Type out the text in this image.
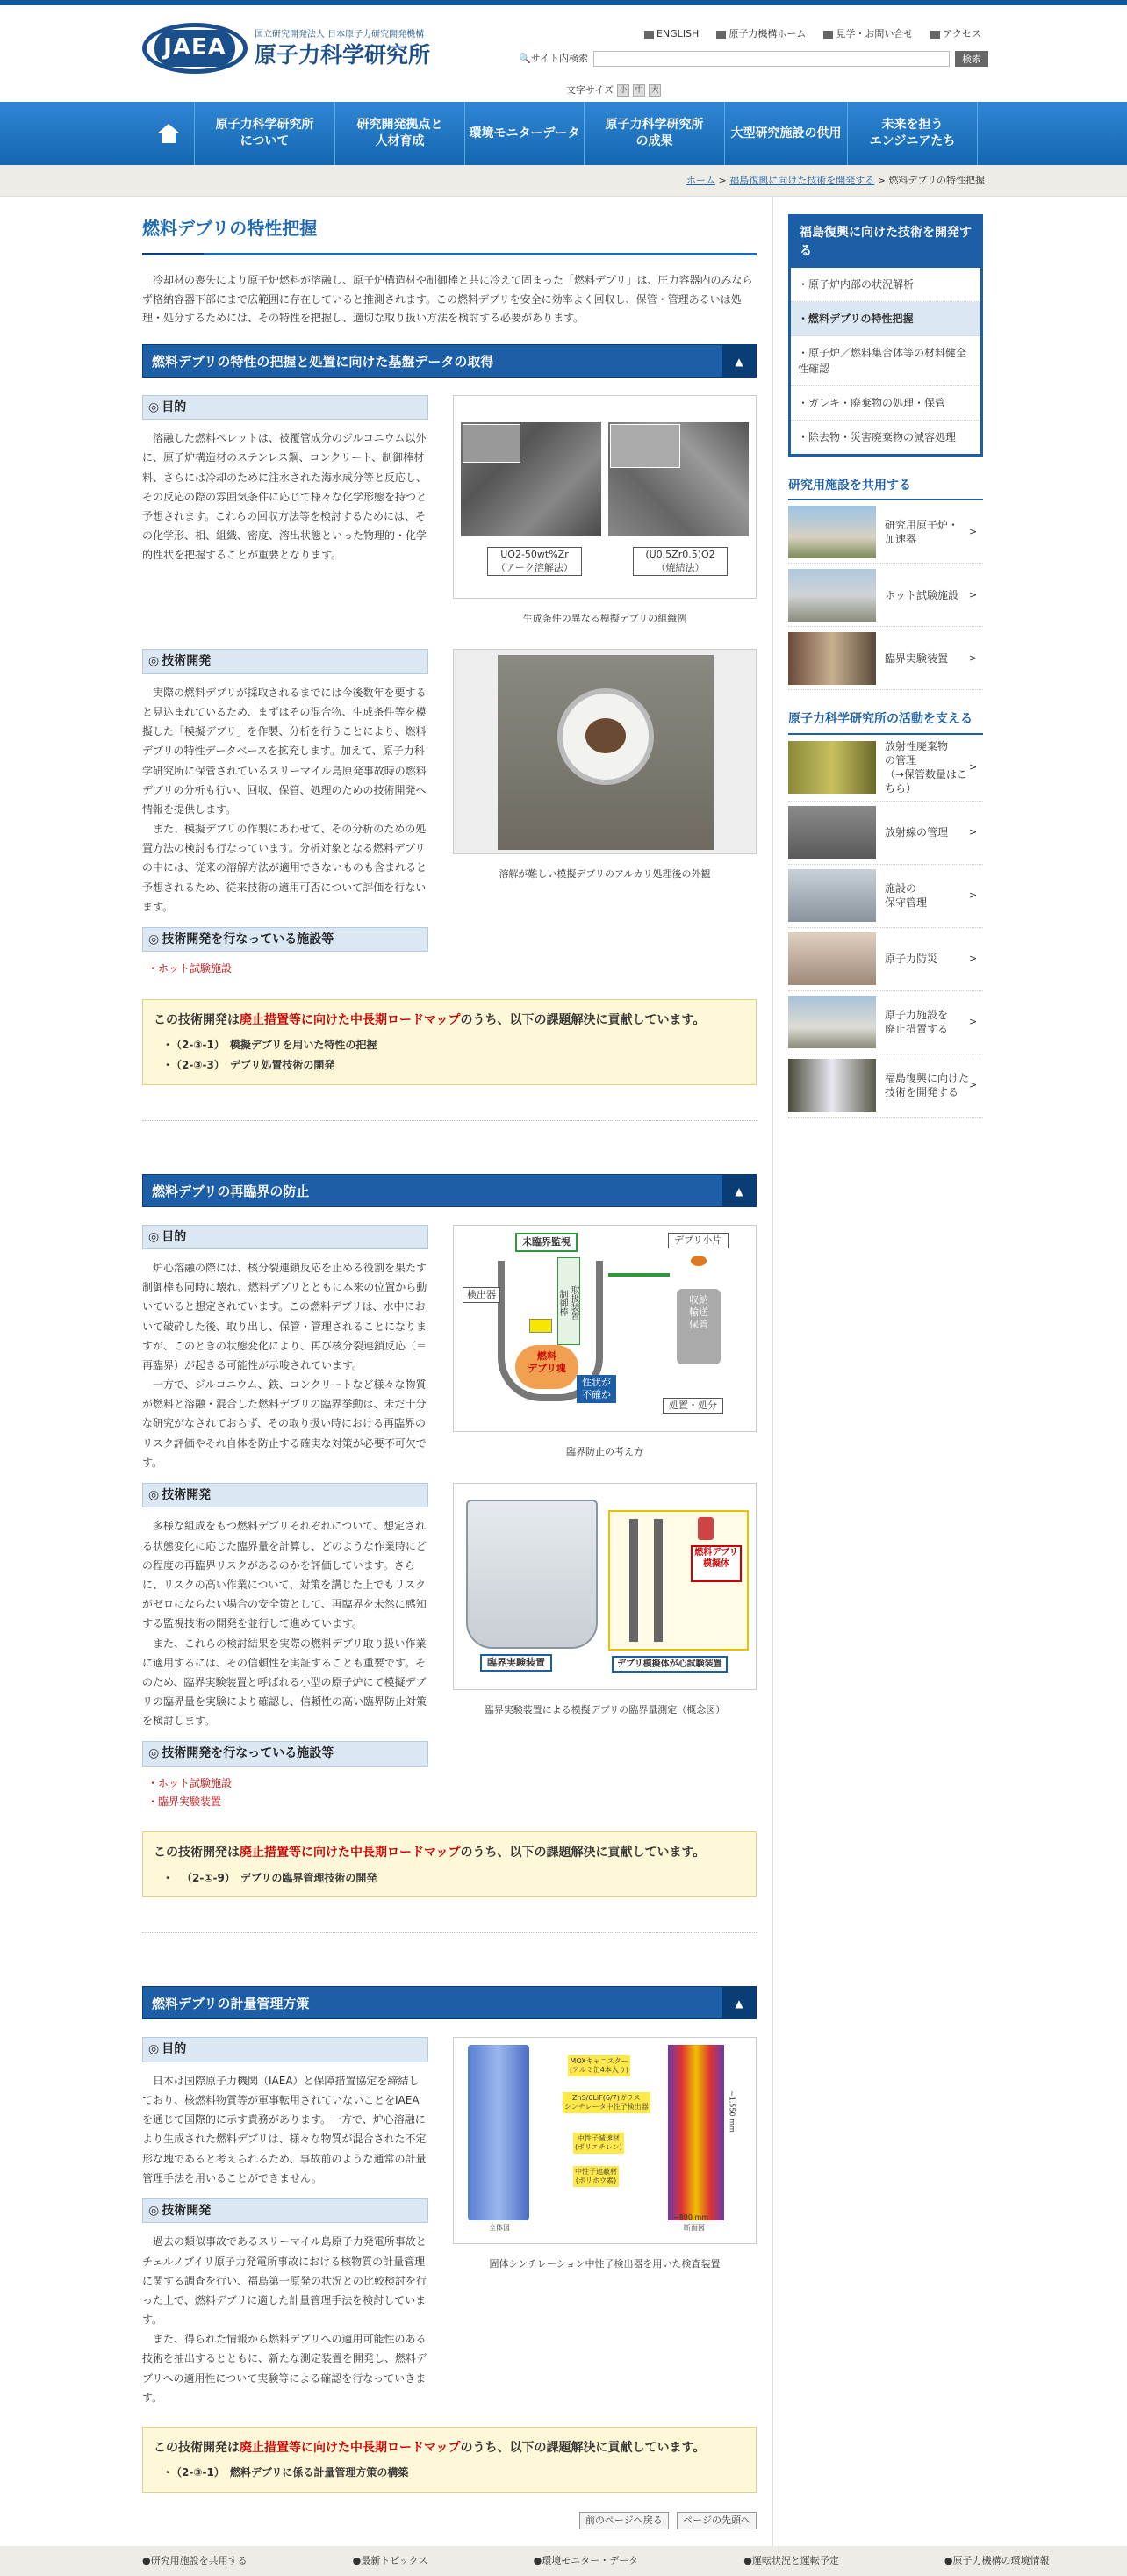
JAEA	国立研究開発法人 日本原子力研究開発機構
原子力科学研究所
ENGLISH	原子力機構ホーム	見学・お問い合せ	アクセス
🔍 サイト内検索	検索
文字サイズ 小 中 大
原子力科学研究所
について
研究開発拠点と
人材育成
環境モニターデータ
原子力科学研究所
の成果
大型研究施設の供用
未来を担う
エンジニアたち
ホーム > 福島復興に向けた技術を開発する > 燃料デブリの特性把握
燃料デブリの特性把握

冷却材の喪失により原子炉燃料が溶融し、原子炉構造材や制御棒と共に冷えて固まった「燃料デブリ」は、圧力容器内のみならず格納容器下部にまで広範囲に存在していると推測されます。この燃料デブリを安全に効率よく回収し、保管・管理あるいは処理・処分するためには、その特性を把握し、適切な取り扱い方法を検討する必要があります。

燃料デブリの特性の把握と処置に向けた基盤データの取得	▲
◎ 目的

溶融した燃料ペレットは、被覆管成分のジルコニウム以外に、原子炉構造材のステンレス鋼、コンクリート、制御棒材料、さらには冷却のために注水された海水成分等と反応し、その反応の際の雰囲気条件に応じて様々な化学形態を持つと予想されます。これらの回収方法等を検討するためには、その化学形、相、組織、密度、溶出状態といった物理的・化学的性状を把握することが重要となります。	UO2-50wt%Zr
（アーク溶解法）
(U0.5Zr0.5)O2
（焼結法）
生成条件の異なる模擬デブリの組織例
◎ 技術開発

実際の燃料デブリが採取されるまでには今後数年を要すると見込まれているため、まずはその混合物、生成条件等を模擬した「模擬デブリ」を作製、分析を行うことにより、燃料デブリの特性データベースを拡充します。加えて、原子力科学研究所に保管されているスリーマイル島原発事故時の燃料デブリの分析も行い、回収、保管、処理のための技術開発へ情報を提供します。

また、模擬デブリの作製にあわせて、その分析のための処置方法の検討も行なっています。分析対象となる燃料デブリの中には、従来の溶解方法が適用できないものも含まれると予想されるため、従来技術の適用可否について評価を行ないます。

◎ 技術開発を行なっている施設等
・ホット試験施設
溶解が難しい模擬デブリのアルカリ処理後の外観
この技術開発は廃止措置等に向けた中長期ロードマップのうち、以下の課題解決に貢献しています。
・ （2-③-1）　模擬デブリを用いた特性の把握
・ （2-③-3）　デブリ処置技術の開発
燃料デブリの再臨界の防止	▲
◎ 目的

炉心溶融の際には、核分裂連鎖反応を止める役割を果たす制御棒も同時に壊れ、燃料デブリとともに本来の位置から動いていると想定されています。この燃料デブリは、水中において破砕した後、取り出し、保管・管理されることになりますが、このときの状態変化により、再び核分裂連鎖反応（＝再臨界）が起きる可能性が示唆されています。

一方で、ジルコニウム、鉄、コンクリートなど様々な物質が燃料と溶融・混合した燃料デブリの臨界挙動は、未だ十分な研究がなされておらず、その取り扱い時における再臨界のリスク評価やそれ自体を防止する確実な対策が必要不可欠です。

未臨界監視
取扱装置
制御棒
検出器
燃料
デブリ塊
性状が
不確か
デブリ小片
収納
輸送
保管
処置・処分
臨界防止の考え方
◎ 技術開発

多様な組成をもつ燃料デブリそれぞれについて、想定される状態変化に応じた臨界量を計算し、どのような作業時にどの程度の再臨界リスクがあるのかを評価しています。さらに、リスクの高い作業について、対策を講じた上でもリスクがゼロにならない場合の安全策として、再臨界を未然に感知する監視技術の開発を並行して進めています。

また、これらの検討結果を実際の燃料デブリ取り扱い作業に適用するには、その信頼性を実証することも重要です。そのため、臨界実験装置と呼ばれる小型の原子炉にて模擬デブリの臨界量を実験により確認し、信頼性の高い臨界防止対策を検討します。

◎ 技術開発を行なっている施設等
・ホット試験施設
・臨界実験装置
臨界実験装置
燃料デブリ
模擬体
デブリ模擬体が心試験装置
臨界実験装置による模擬デブリの臨界量測定（概念図）
この技術開発は廃止措置等に向けた中長期ロードマップのうち、以下の課題解決に貢献しています。
・ 　（2-①-9）　デブリの臨界管理技術の開発
燃料デブリの計量管理方策	▲
◎ 目的

日本は国際原子力機関（IAEA）と保障措置協定を締結しており、核燃料物質等が軍事転用されていないことをIAEAを通じて国際的に示す責務があります。一方で、炉心溶融により生成された燃料デブリは、様々な物質が混合された不定形な塊であると考えられるため、事故前のような通常の計量管理手法を用いることができません。

◎ 技術開発

過去の類似事故であるスリーマイル島原子力発電所事故とチェルノブイリ原子力発電所事故における核物質の計量管理に関する調査を行い、福島第一原発の状況との比較検討を行った上で、燃料デブリに適した計量管理手法を検討しています。

また、得られた情報から燃料デブリへの適用可能性のある技術を抽出するとともに、新たな測定装置を開発し、燃料デブリへの適用性について実験等による確認を行なっていきます。

全体図	断面図
~1,550 mm
~800 mm
MOXキャニスター
(アルミ缶4本入り)
ZnS/6LiF(6/7)ガラス
シンチレータ中性子検出器
中性子減速材
(ポリエチレン)
中性子遮蔽材
(ポリホウ素)
固体シンチレーション中性子検出器を用いた検査装置
この技術開発は廃止措置等に向けた中長期ロードマップのうち、以下の課題解決に貢献しています。
・ （2-③-1）　燃料デブリに係る計量管理方策の構築
前のページへ戻る ページの先頭へ
福島復興に向けた技術を開発する
・原子炉内部の状況解析
・燃料デブリの特性把握
・原子炉／燃料集合体等の材料健全性確認
・ガレキ・廃棄物の処理・保管
・除去物・災害廃棄物の減容処理
研究用施設を共用する
研究用原子炉・
加速器
>
ホット試験施設	>
臨界実験装置	>
原子力科学研究所の活動を支える
放射性廃棄物
の管理
（→保管数量はこちら）
>
放射線の管理	>
施設の
保守管理
>
原子力防災	>
原子力施設を
廃止措置する
>
福島復興に向けた
技術を開発する
>
●研究用施設を共用する	●最新トピックス	●環境モニター・データ	●運転状況と運転予定	●原子力機構の環境情報
